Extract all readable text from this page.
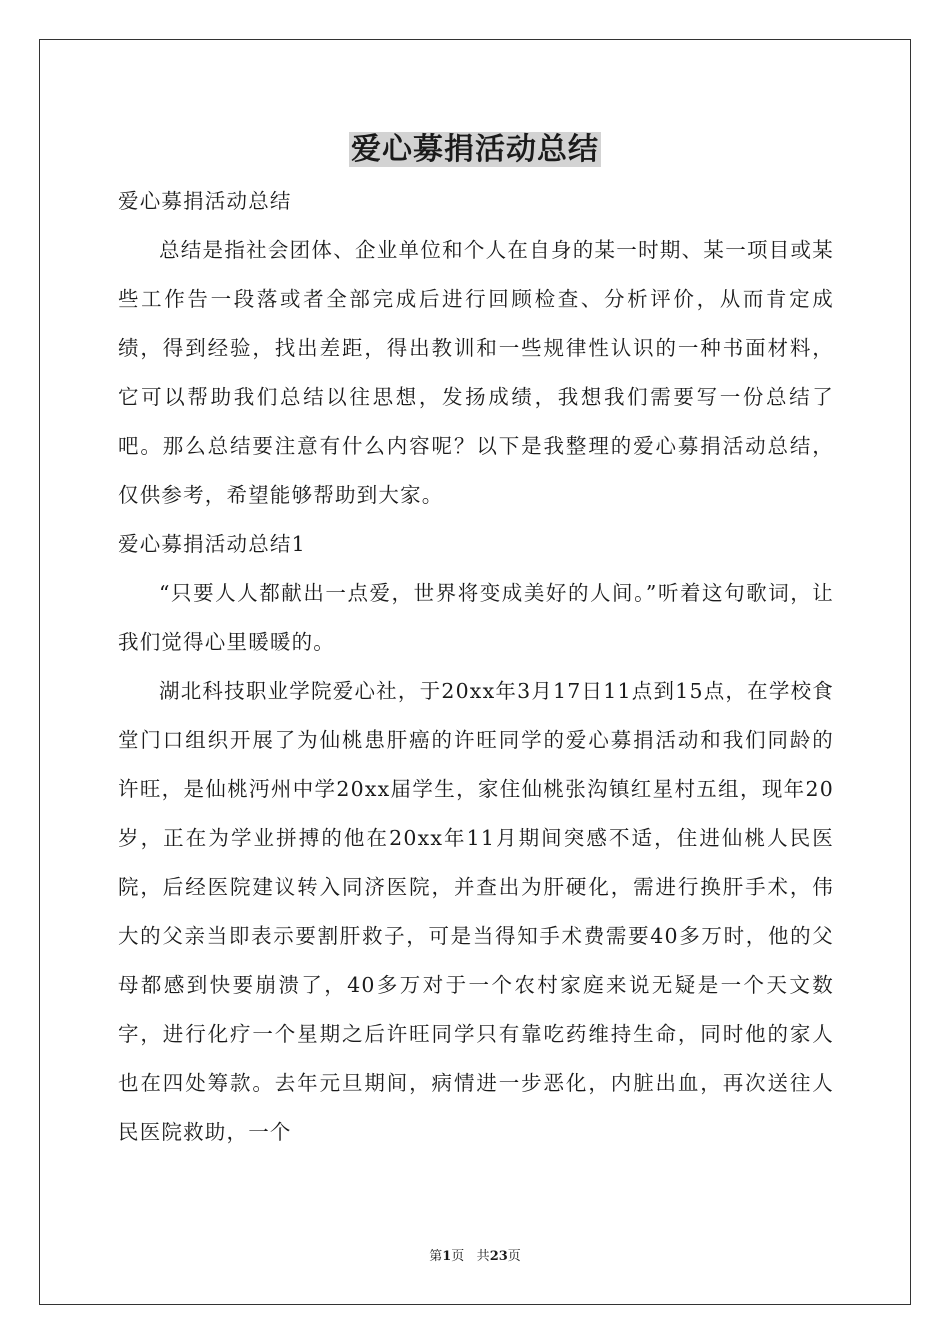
爱心募捐活动总结

爱心募捐活动总结

总结是指社会团体、企业单位和个人在自身的某一时期、某一项目或某些工作告一段落或者全部完成后进行回顾检查、分析评价，从而肯定成绩，得到经验，找出差距，得出教训和一些规律性认识的一种书面材料，它可以帮助我们总结以往思想，发扬成绩，我想我们需要写一份总结了吧。那么总结要注意有什么内容呢？以下是我整理的爱心募捐活动总结，仅供参考，希望能够帮助到大家。

爱心募捐活动总结1

“只要人人都献出一点爱，世界将变成美好的人间。”听着这句歌词，让我们觉得心里暖暖的。

湖北科技职业学院爱心社，于20xx年3月17日11点到15点，在学校食堂门口组织开展了为仙桃患肝癌的许旺同学的爱心募捐活动和我们同龄的许旺，是仙桃沔州中学20xx届学生，家住仙桃张沟镇红星村五组，现年20岁，正在为学业拼搏的他在20xx年11月期间突感不适，住进仙桃人民医院，后经医院建议转入同济医院，并查出为肝硬化，需进行换肝手术，伟大的父亲当即表示要割肝救子，可是当得知手术费需要40多万时，他的父母都感到快要崩溃了，40多万对于一个农村家庭来说无疑是一个天文数字，进行化疗一个星期之后许旺同学只有靠吃药维持生命，同时他的家人也在四处筹款。去年元旦期间，病情进一步恶化，内脏出血，再次送往人民医院救助，一个

第1页 共23页
